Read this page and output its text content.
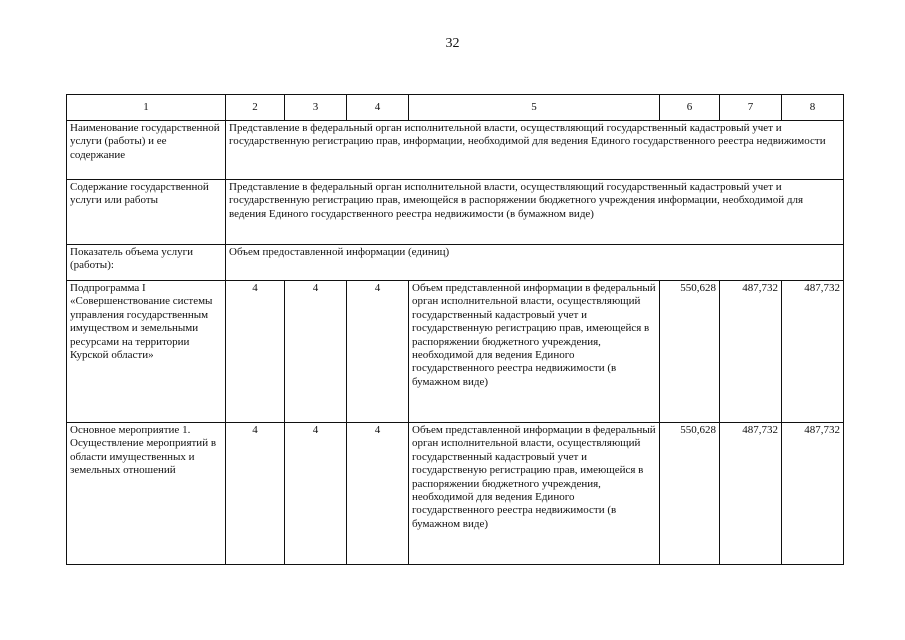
32
1	2	3	4	5	6	7	8
Наименование государственной услуги (работы) и ее содержание	Представление в федеральный орган исполнительной власти, осуществляющий государственный кадастровый учет и государственную регистрацию прав, информации, необходимой для ведения Единого государственного реестра недвижимости						
Содержание государственной услуги или работы	Представление в федеральный орган исполнительной власти, осуществляющий государственный кадастровый учет и государственную регистрацию прав, имеющейся в распоряжении бюджетного учреждения информации, необходимой для ведения Единого государственного реестра недвижимости (в бумажном виде)						
Показатель объема услуги (работы):	Объем предоставленной информации (единиц)						
Подпрограмма I «Совершенствование системы управления государственным имуществом и земельными ресурсами на территории Курской области»	4	4	4	Объем представленной информации в федеральный орган исполнительной власти, осуществляющий государственный кадастровый учет и государственную регистрацию прав, имеющейся в распоряжении бюджетного учреждения, необходимой для ведения Единого государственного реестра недвижимости (в бумажном виде)	550,628	487,732	487,732
Основное мероприятие 1. Осуществление мероприятий в области имущественных и земельных отношений	4	4	4	Объем представленной информации в федеральный орган исполнительной власти, осуществляющий государственный кадастровый учет и государственую регистрацию прав, имеющейся в распоряжении бюджетного учреждения, необходимой для ведения Единого государственного реестра недвижимости (в бумажном виде)	550,628	487,732	487,732
